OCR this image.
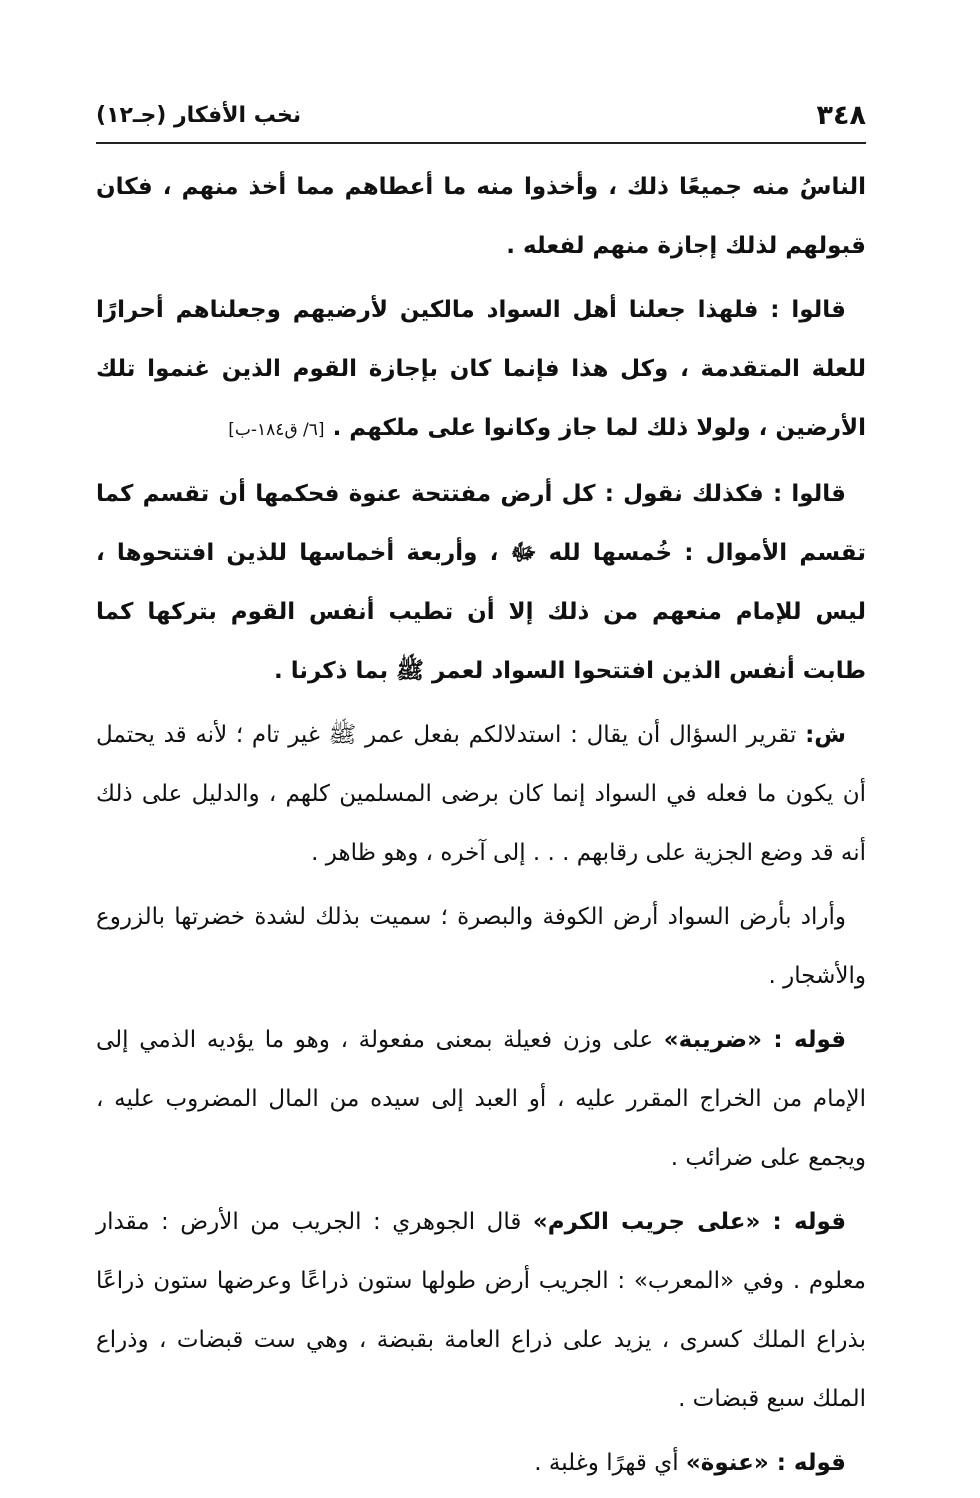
٣٤٨
نخب الأفكار (جـ١٢)

الناسُ منه جميعًا ذلك ، وأخذوا منه ما أعطاهم مما أخذ منهم ، فكان قبولهم لذلك إجازة منهم لفعله .

قالوا : فلهذا جعلنا أهل السواد مالكين لأرضيهم وجعلناهم أحرارًا للعلة المتقدمة ، وكل هذا فإنما كان بإجازة القوم الذين غنموا تلك الأرضين ، ولولا ذلك لما جاز وكانوا على ملكهم . [٦/ ق١٨٤-ب]

قالوا : فكذلك نقول : كل أرض مفتتحة عنوة فحكمها أن تقسم كما تقسم الأموال : خُمسها لله ﷻ ، وأربعة أخماسها للذين افتتحوها ، ليس للإمام منعهم من ذلك إلا أن تطيب أنفس القوم بتركها كما طابت أنفس الذين افتتحوا السواد لعمر ﷺ بما ذكرنا .

ش: تقرير السؤال أن يقال : استدلالكم بفعل عمر ﷺ غير تام ؛ لأنه قد يحتمل أن يكون ما فعله في السواد إنما كان برضى المسلمين كلهم ، والدليل على ذلك أنه قد وضع الجزية على رقابهم . . . إلى آخره ، وهو ظاهر .

وأراد بأرض السواد أرض الكوفة والبصرة ؛ سميت بذلك لشدة خضرتها بالزروع والأشجار .

قوله : «ضريبة» على وزن فعيلة بمعنى مفعولة ، وهو ما يؤديه الذمي إلى الإمام من الخراج المقرر عليه ، أو العبد إلى سيده من المال المضروب عليه ، ويجمع على ضرائب .

قوله : «على جريب الكرم» قال الجوهري : الجريب من الأرض : مقدار معلوم . وفي «المعرب» : الجريب أرض طولها ستون ذراعًا وعرضها ستون ذراعًا بذراع الملك كسرى ، يزيد على ذراع العامة بقبضة ، وهي ست قبضات ، وذراع الملك سبع قبضات .

قوله : «عنوة» أي قهرًا وغلبة .
